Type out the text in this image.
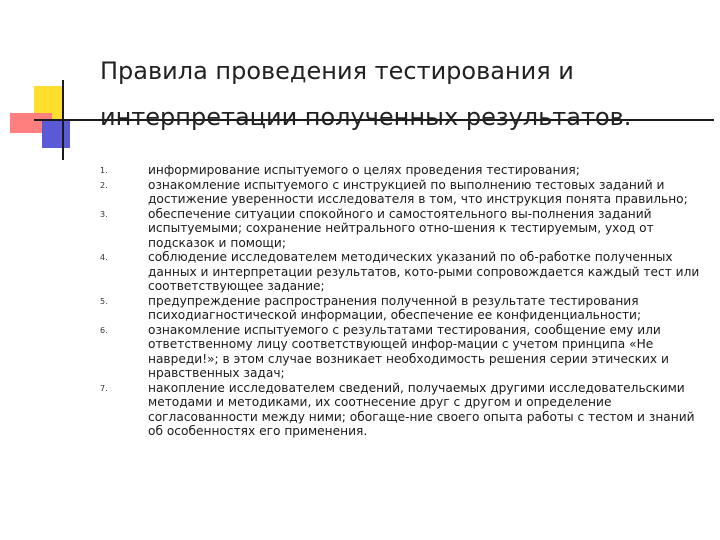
Правила проведения тестирования и интерпретации полученных результатов.
1.	информирование испытуемого о целях проведения тестирования;
2.	ознакомление испытуемого с инструкцией по выполнению тестовых заданий и достижение уверенности исследователя в том, что инструкция понята правильно;
3.	обеспечение ситуации спокойного и самостоятельного вы-полнения заданий испытуемыми; сохранение нейтрального отно-шения к тестируемым, уход от подсказок и помощи;
4.	соблюдение исследователем методических указаний по об-работке полученных данных и интерпретации результатов, кото-рыми сопровождается каждый тест или соответствующее задание;
5.	предупреждение распространения полученной в результате тестирования психодиагностической информации, обеспечение ее конфиденциальности;
6.	ознакомление испытуемого с результатами тестирования, сообщение ему или ответственному лицу соответствующей инфор-мации с учетом принципа «Не навреди!»; в этом случае возникает необходимость решения серии этических и нравственных задач;
7.	накопление исследователем сведений, получаемых другими исследовательскими методами и методиками, их соотнесение друг с другом и определение согласованности между ними; обогаще-ние своего опыта работы с тестом и знаний об особенностях его применения.
